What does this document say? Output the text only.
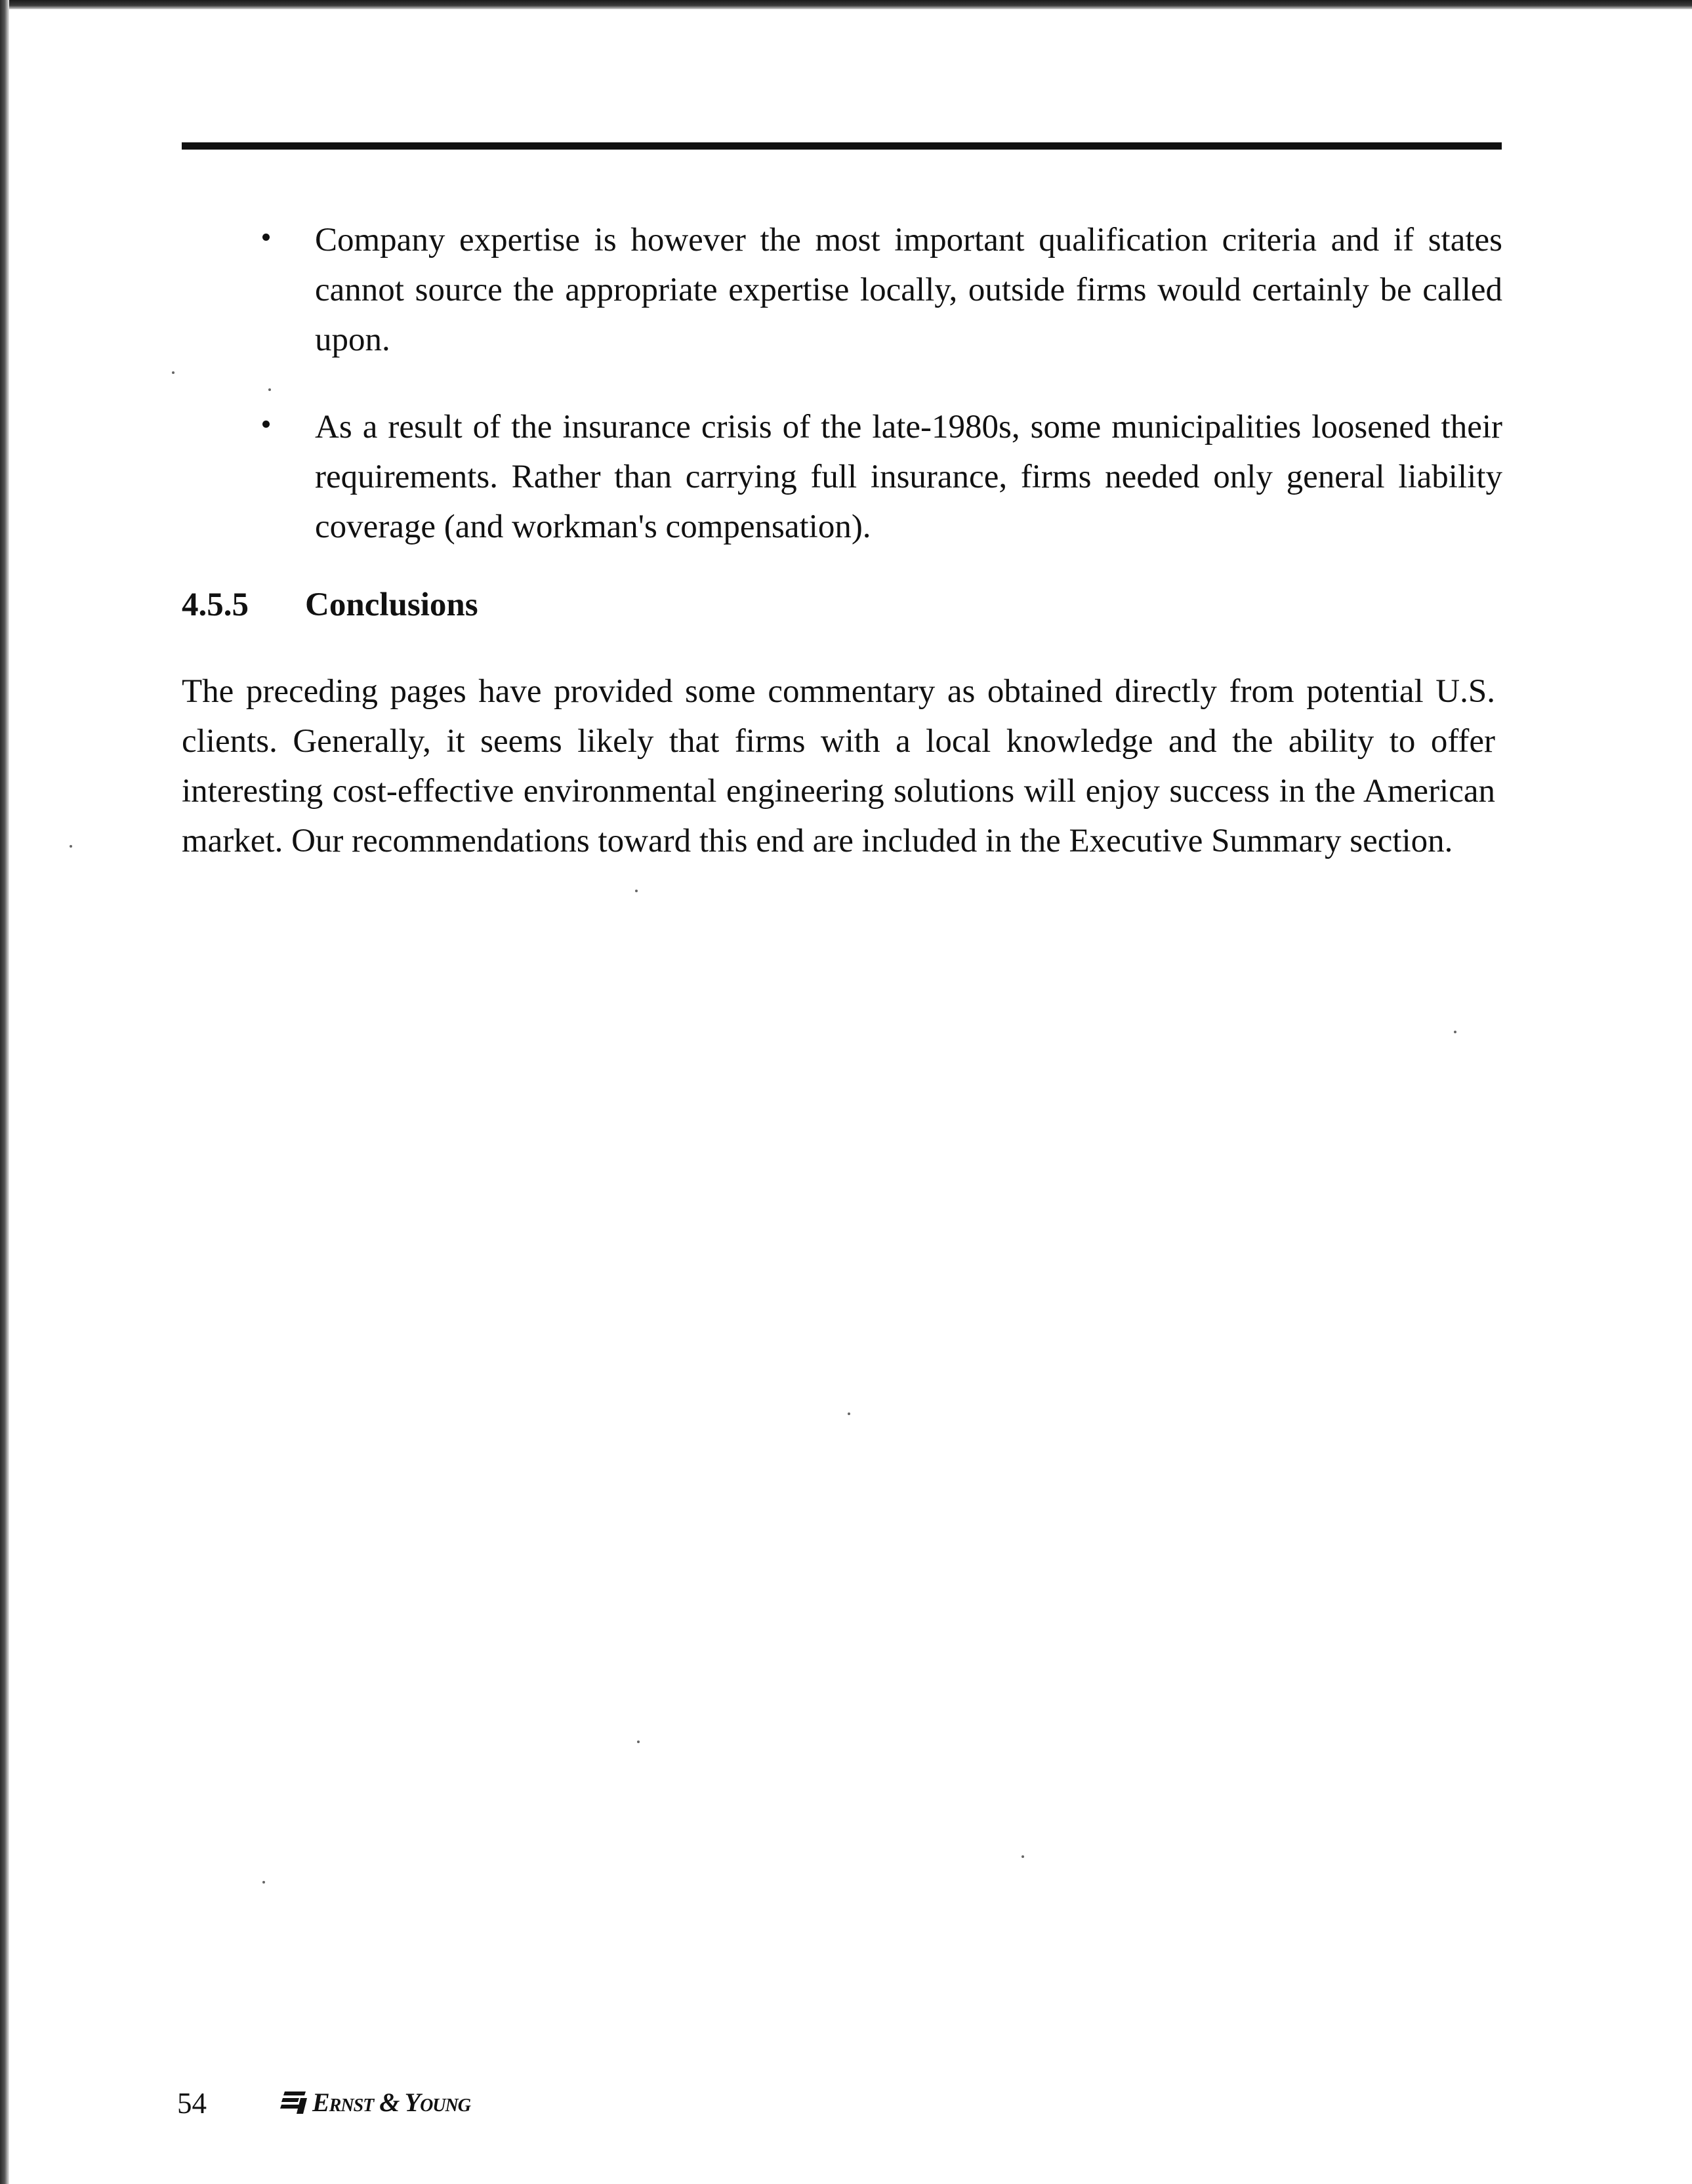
Company expertise is however the most important qualification criteria and if states cannot source the appropriate expertise locally, outside firms would certainly be called upon.
As a result of the insurance crisis of the late-1980s, some municipalities loosened their requirements. Rather than carrying full insurance, firms needed only general liability coverage (and workman's compensation).
4.5.5 Conclusions
The preceding pages have provided some commentary as obtained directly from potential U.S. clients. Generally, it seems likely that firms with a local knowledge and the ability to offer interesting cost-effective environmental engineering solutions will enjoy success in the American market. Our recommendations toward this end are included in the Executive Summary section.
54	Ernst & Young
